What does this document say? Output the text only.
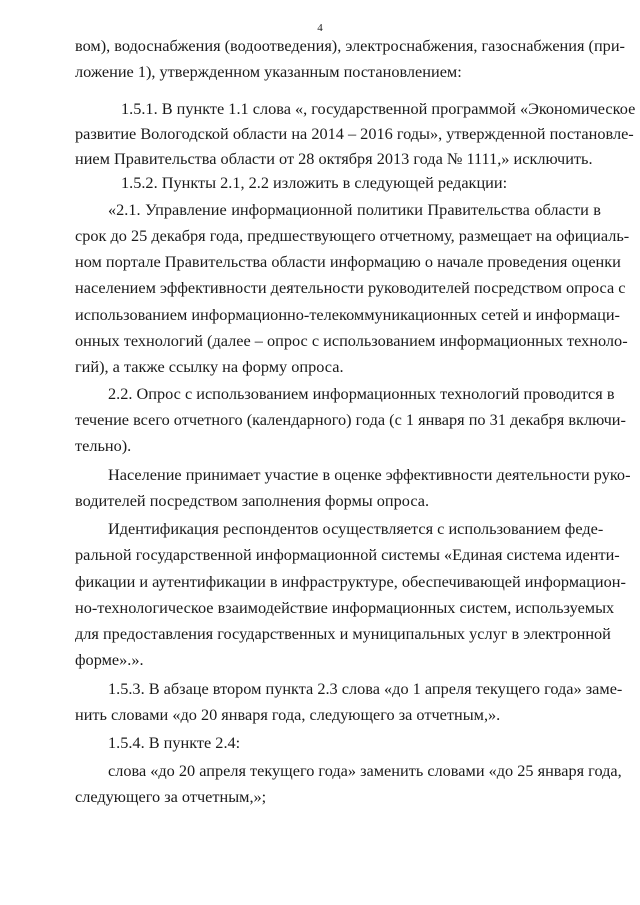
4
вом), водоснабжения (водоотведения), электроснабжения, газоснабжения (при-
ложение 1), утвержденном указанным постановлением:
1.5.1. В пункте 1.1 слова «, государственной программой «Экономическое
развитие Вологодской области на 2014 – 2016 годы», утвержденной постановле-
нием Правительства области от 28 октября 2013 года № 1111,» исключить.
1.5.2. Пункты 2.1, 2.2 изложить в следующей редакции:
«2.1. Управление информационной политики Правительства области в
срок до 25 декабря года, предшествующего отчетному, размещает на официаль-
ном портале Правительства области информацию о начале проведения оценки
населением эффективности деятельности руководителей посредством опроса с
использованием информационно-телекоммуникационных сетей и информаци-
онных технологий (далее – опрос с использованием информационных техноло-
гий), а также ссылку на форму опроса.
2.2. Опрос с использованием информационных технологий проводится в
течение всего отчетного (календарного) года (с 1 января по 31 декабря включи-
тельно).
Население принимает участие в оценке эффективности деятельности руко-
водителей посредством заполнения формы опроса.
Идентификация респондентов осуществляется с использованием феде-
ральной государственной информационной системы «Единая система иденти-
фикации и аутентификации в инфраструктуре, обеспечивающей информацион-
но-технологическое взаимодействие информационных систем, используемых
для предоставления государственных и муниципальных услуг в электронной
форме».».
1.5.3. В абзаце втором пункта 2.3 слова «до 1 апреля текущего года» заме-
нить словами «до 20 января года, следующего за отчетным,».
1.5.4. В пункте 2.4:
слова «до 20 апреля текущего года» заменить словами «до 25 января года,
следующего за отчетным,»;
